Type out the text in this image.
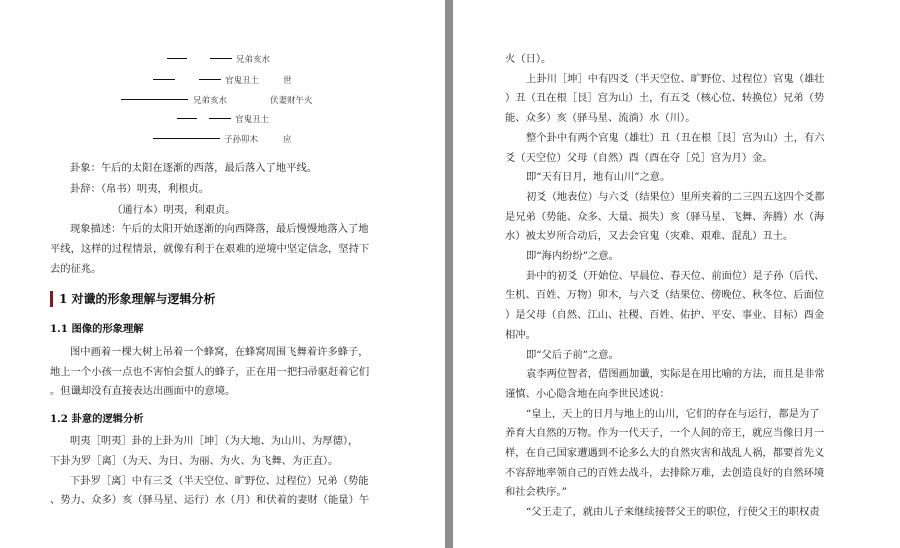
兄弟亥水
官鬼丑土	世
兄弟亥水	伏妻财午火
官鬼丑土
子孙卯木	应
卦象：午后的太阳在逐渐的西落，最后落入了地平线。
卦辞：（帛书）明夷，利根贞。
（通行本）明夷，利艰贞。
现象描述：午后的太阳开始逐渐的向西降落，最后慢慢地落入了地
平线，这样的过程情景，就像有利于在艰难的逆境中坚定信念，坚持下
去的征兆。
1 对谶的形象理解与逻辑分析
1.1 图像的形象理解
图中画着一棵大树上吊着一个蜂窝，在蜂窝周围飞舞着许多蜂子，
地上一个小孩一点也不害怕会蜇人的蜂子，正在用一把扫帚驱赶着它们
。但谶却没有直接表达出画面中的意境。
1.2 卦意的逻辑分析
明夷［明夷］卦的上卦为川［坤］（为大地、为山川、为厚德），
下卦为罗［离］（为天、为日、为丽、为火、为飞舞、为正直）。
下卦罗［离］中有三爻（半天空位、旷野位、过程位）兄弟（势能
、势力、众多）亥（驿马星、运行）水（月）和伏着的妻财（能量）午
火（日）。
上卦川［坤］中有四爻（半天空位、旷野位、过程位）官鬼（雄壮
）丑（丑在根［艮］宫为山）土，有五爻（核心位、转换位）兄弟（势
能、众多）亥（驿马星、流淌）水（川）。
整个卦中有两个官鬼（雄壮）丑（丑在根［艮］宫为山）土，有六
爻（天空位）父母（自然）酉（酉在夺［兑］宫为月）金。
即“天有日月，地有山川”之意。
初爻（地表位）与六爻（结果位）里所夹着的二三四五这四个爻都
是兄弟（势能、众多、大量、损失）亥（驿马星、飞舞、奔腾）水（海
水）被太岁所合动后，又去会官鬼（灾难、艰难、混乱）丑土。
即“海内纷纷”之意。
卦中的初爻（开始位、早晨位、春天位、前面位）是子孙（后代、
生机、百姓、万物）卯木，与六爻（结果位、傍晚位、秋冬位、后面位
）是父母（自然、江山、社稷、百姓、佑护、平安、事业、目标）酉金
相冲。
即“父后子前”之意。
袁李两位智者，借图画加谶，实际是在用比喻的方法，而且是非常
谨慎、小心隐含地在向李世民述说：
“皇上，天上的日月与地上的山川，它们的存在与运行，都是为了
养育大自然的万物。作为一代天子，一个人间的帝王，就应当像日月一
样，在自己国家遭遇到不论多么大的自然灾害和战乱人祸，都要首先义
不容辞地率领自己的百姓去战斗，去排除万难，去创造良好的自然环境
和社会秩序。”
“父王走了，就由儿子来继续接替父王的职位，行使父王的职权责
